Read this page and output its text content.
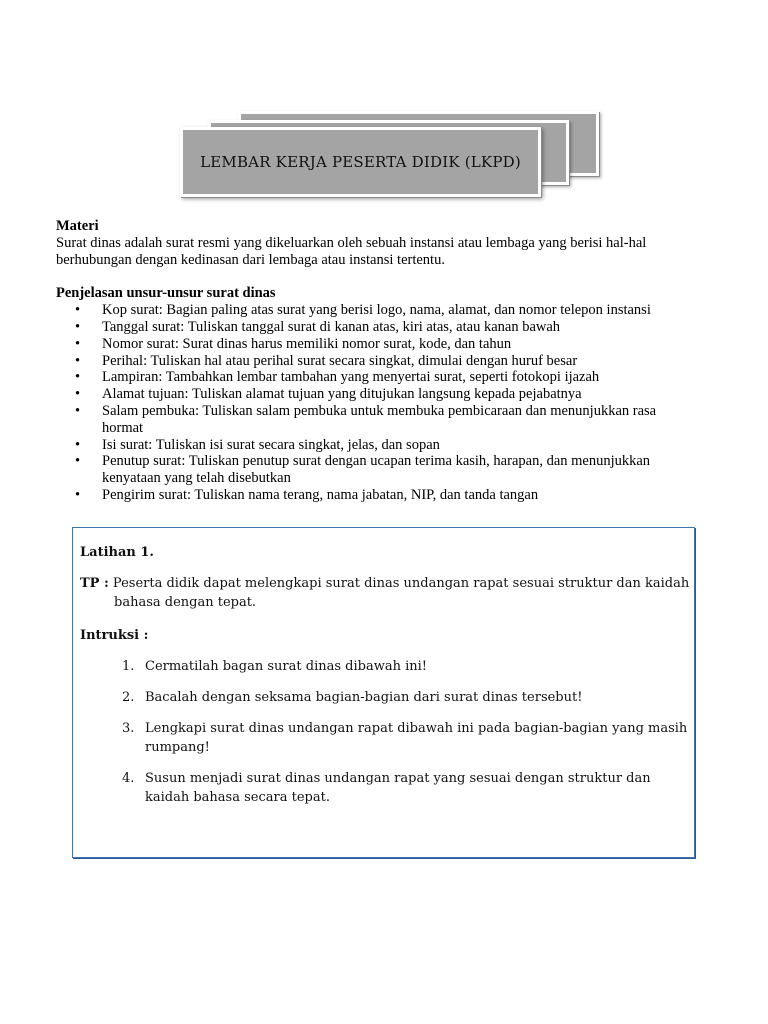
LEMBAR KERJA PESERTA DIDIK (LKPD)
Materi

Surat dinas adalah surat resmi yang dikeluarkan oleh sebuah instansi atau lembaga yang berisi hal-hal
berhubungan dengan kedinasan dari lembaga atau instansi tertentu.

Penjelasan unsur-unsur surat dinas
• Kop surat: Bagian paling atas surat yang berisi logo, nama, alamat, dan nomor telepon instansi
• Tanggal surat: Tuliskan tanggal surat di kanan atas, kiri atas, atau kanan bawah
• Nomor surat: Surat dinas harus memiliki nomor surat, kode, dan tahun
• Perihal: Tuliskan hal atau perihal surat secara singkat, dimulai dengan huruf besar
• Lampiran: Tambahkan lembar tambahan yang menyertai surat, seperti fotokopi ijazah
• Alamat tujuan: Tuliskan alamat tujuan yang ditujukan langsung kepada pejabatnya
• Salam pembuka: Tuliskan salam pembuka untuk membuka pembicaraan dan menunjukkan rasa
hormat
• Isi surat: Tuliskan isi surat secara singkat, jelas, dan sopan
• Penutup surat: Tuliskan penutup surat dengan ucapan terima kasih, harapan, dan menunjukkan
kenyataan yang telah disebutkan
• Pengirim surat: Tuliskan nama terang, nama jabatan, NIP, dan tanda tangan
Latihan 1.
TP : Peserta didik dapat melengkapi surat dinas undangan rapat sesuai struktur dan kaidah
bahasa dengan tepat.
Intruksi :
1. Cermatilah bagan surat dinas dibawah ini!
2. Bacalah dengan seksama bagian-bagian dari surat dinas tersebut!
3. Lengkapi surat dinas undangan rapat dibawah ini pada bagian-bagian yang masih
rumpang!
4. Susun menjadi surat dinas undangan rapat yang sesuai dengan struktur dan
kaidah bahasa secara tepat.
